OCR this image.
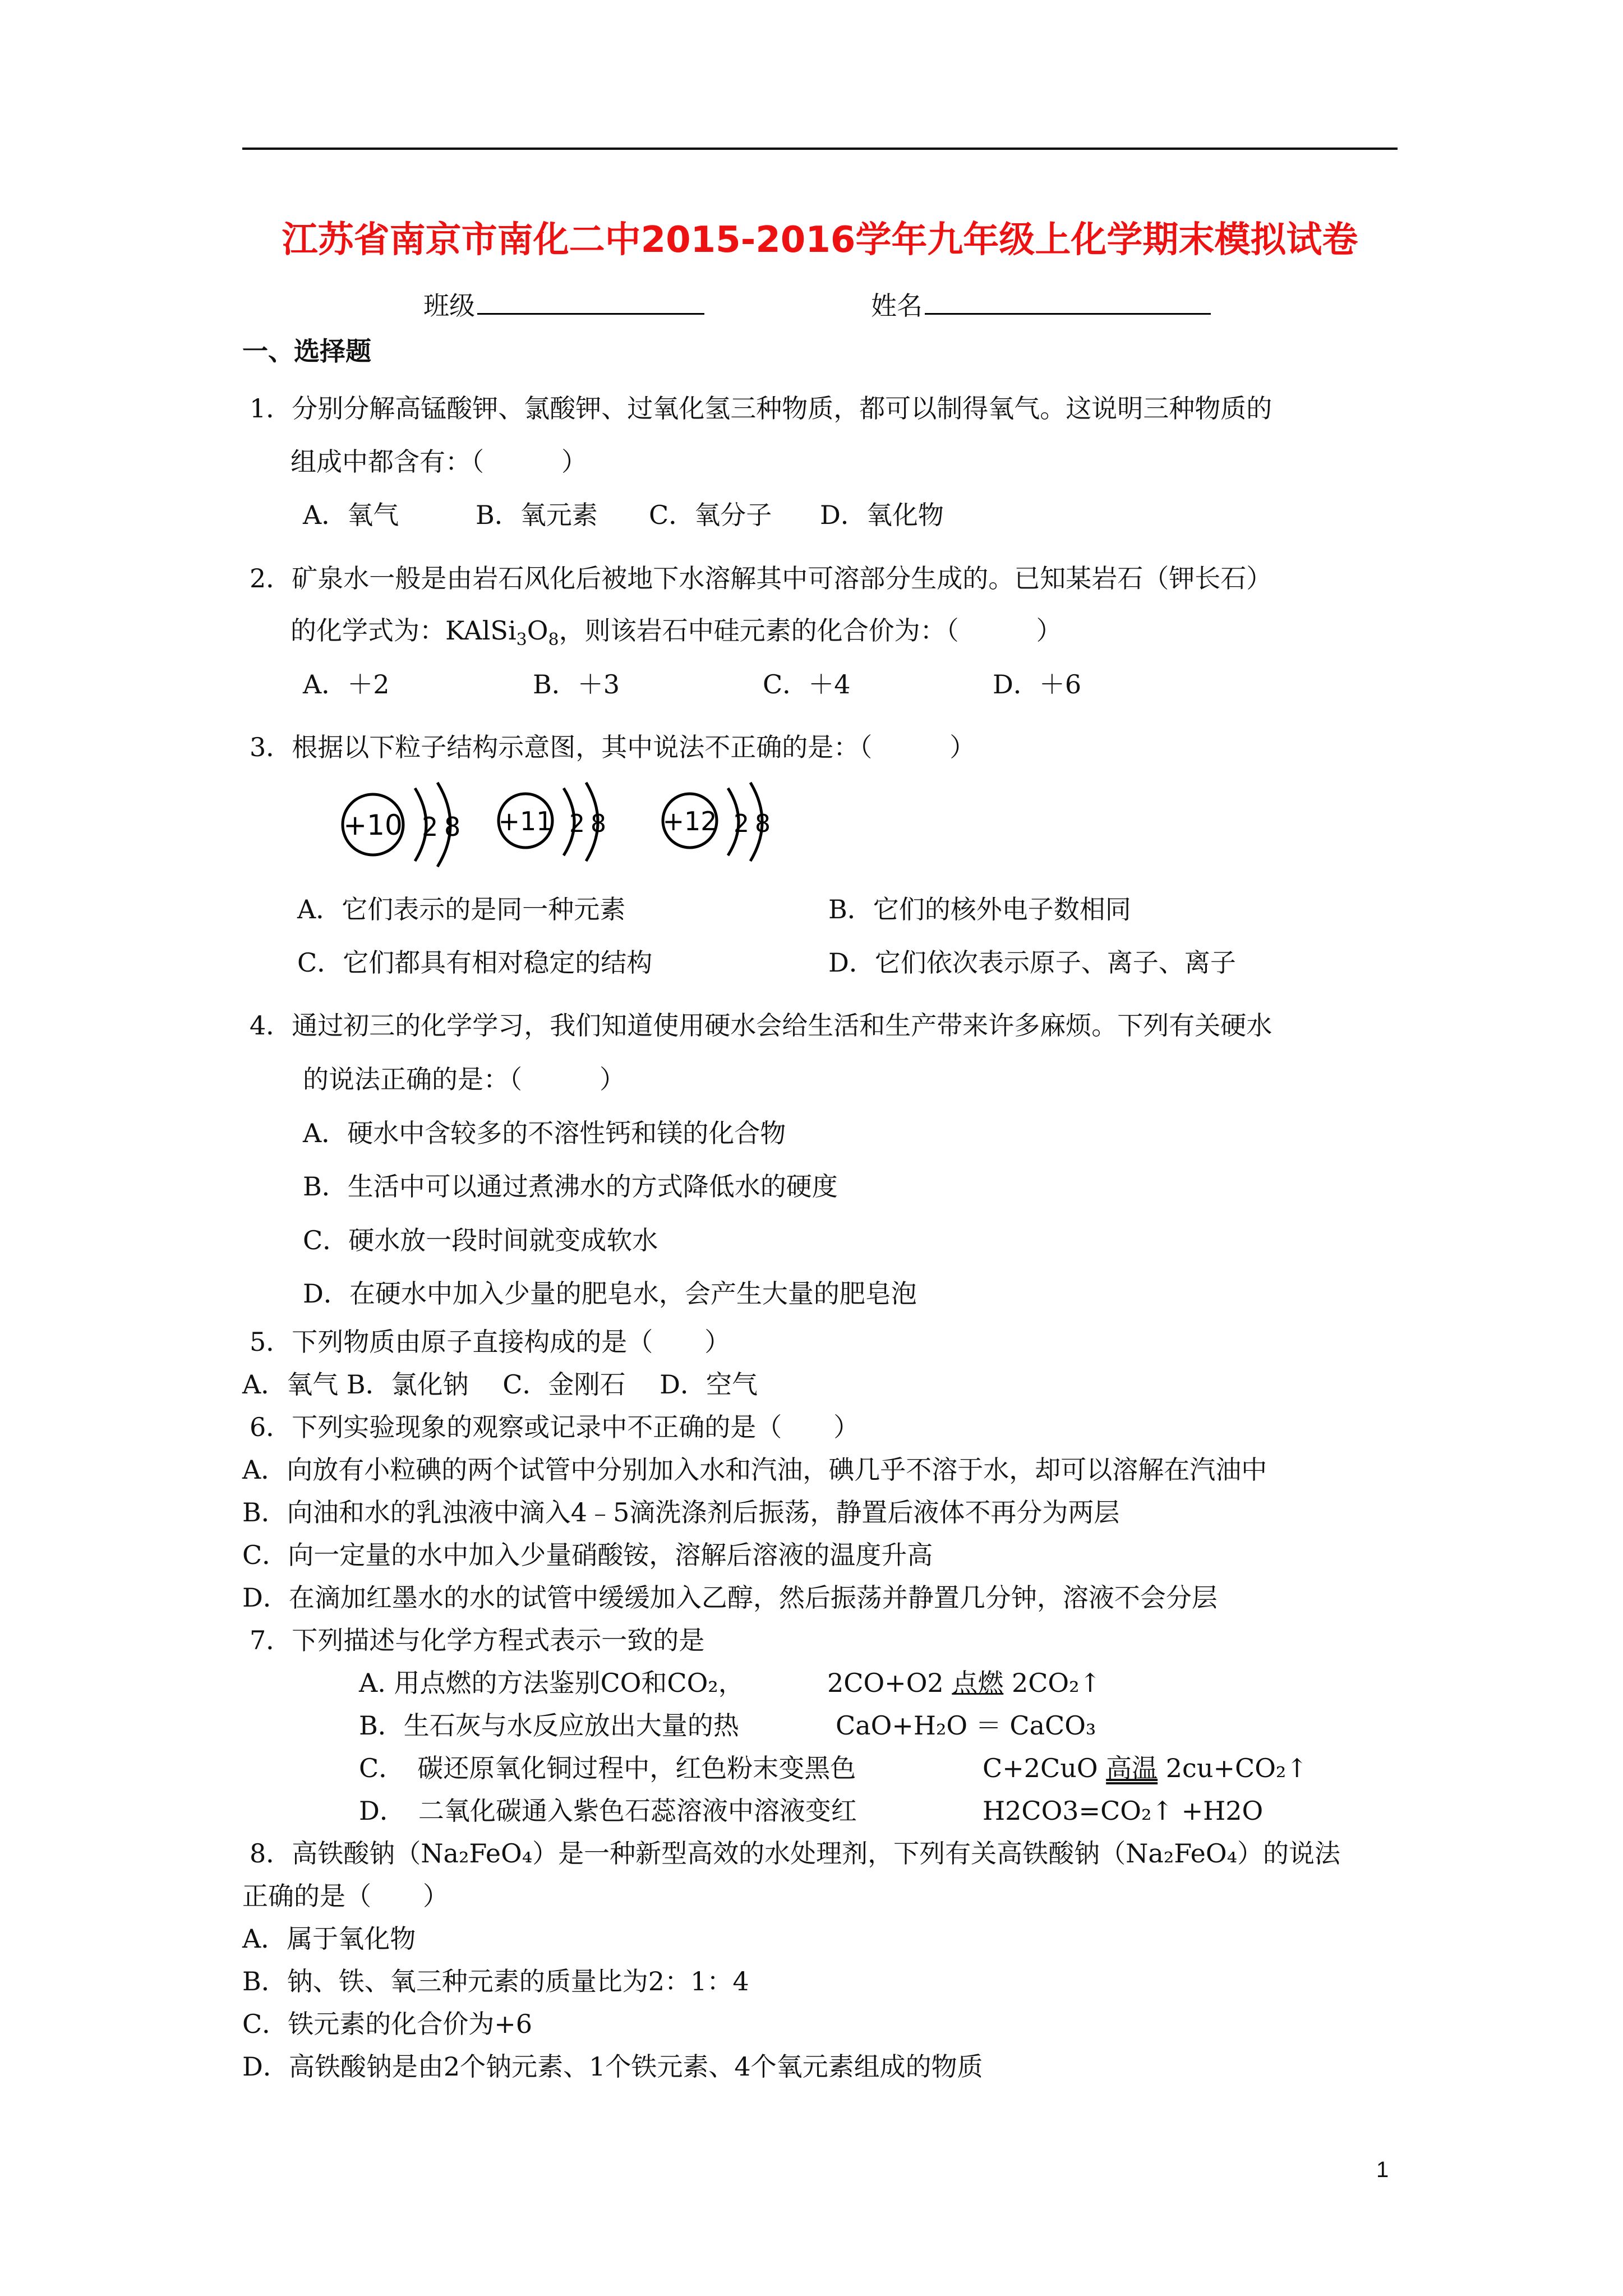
江苏省南京市南化二中2015-2016学年九年级上化学期末模拟试卷
班级	姓名
一、选择题
1．分别分解高锰酸钾、氯酸钾、过氧化氢三种物质，都可以制得氧气。这说明三种物质的
组成中都含有：（　　　）
A．氧气	B．氧元素 C．氧分子 D．氧化物
2．矿泉水一般是由岩石风化后被地下水溶解其中可溶部分生成的。已知某岩石（钾长石）
的化学式为：$KAlSi_3O_8$，则该岩石中硅元素的化合价为：（　　　）
A．＋2	B．＋3	C．＋4	D．＋6
3．根据以下粒子结构示意图，其中说法不正确的是：（　　　）
+10 2 8 +11 2 8 +12 2 8
A．它们表示的是同一种元素	B．它们的核外电子数相同
C．它们都具有相对稳定的结构	D．它们依次表示原子、离子、离子
4．通过初三的化学学习，我们知道使用硬水会给生活和生产带来许多麻烦。下列有关硬水
的说法正确的是：（　　　）
A．硬水中含较多的不溶性钙和镁的化合物
B．生活中可以通过煮沸水的方式降低水的硬度
C．硬水放一段时间就变成软水
D．在硬水中加入少量的肥皂水，会产生大量的肥皂泡
5．下列物质由原子直接构成的是（　　）
A．氧气 B．氯化钠　 C．金刚石　 D．空气
6．下列实验现象的观察或记录中不正确的是（　　）
A．向放有小粒碘的两个试管中分别加入水和汽油，碘几乎不溶于水，却可以溶解在汽油中
B．向油和水的乳浊液中滴入4﹣5滴洗涤剂后振荡，静置后液体不再分为两层
C．向一定量的水中加入少量硝酸铵，溶解后溶液的温度升高
D．在滴加红墨水的水的试管中缓缓加入乙醇，然后振荡并静置几分钟，溶液不会分层
7．下列描述与化学方程式表示一致的是
A. 用点燃的方法鉴别CO和CO₂，	2CO+O2 点燃 2CO₂↑
B．生石灰与水反应放出大量的热	CaO+H₂O ＝ CaCO₃
C．　碳还原氧化铜过程中，红色粉末变黑色	C+2CuO 高温 2cu+CO₂↑
D．　二氧化碳通入紫色石蕊溶液中溶液变红	H2CO3=CO₂↑ +H2O
8．高铁酸钠（Na₂FeO₄）是一种新型高效的水处理剂，下列有关高铁酸钠（Na₂FeO₄）的说法
正确的是（　　）
A．属于氧化物
B．钠、铁、氧三种元素的质量比为2：1：4
C．铁元素的化合价为+6
D．高铁酸钠是由2个钠元素、1个铁元素、4个氧元素组成的物质
1
